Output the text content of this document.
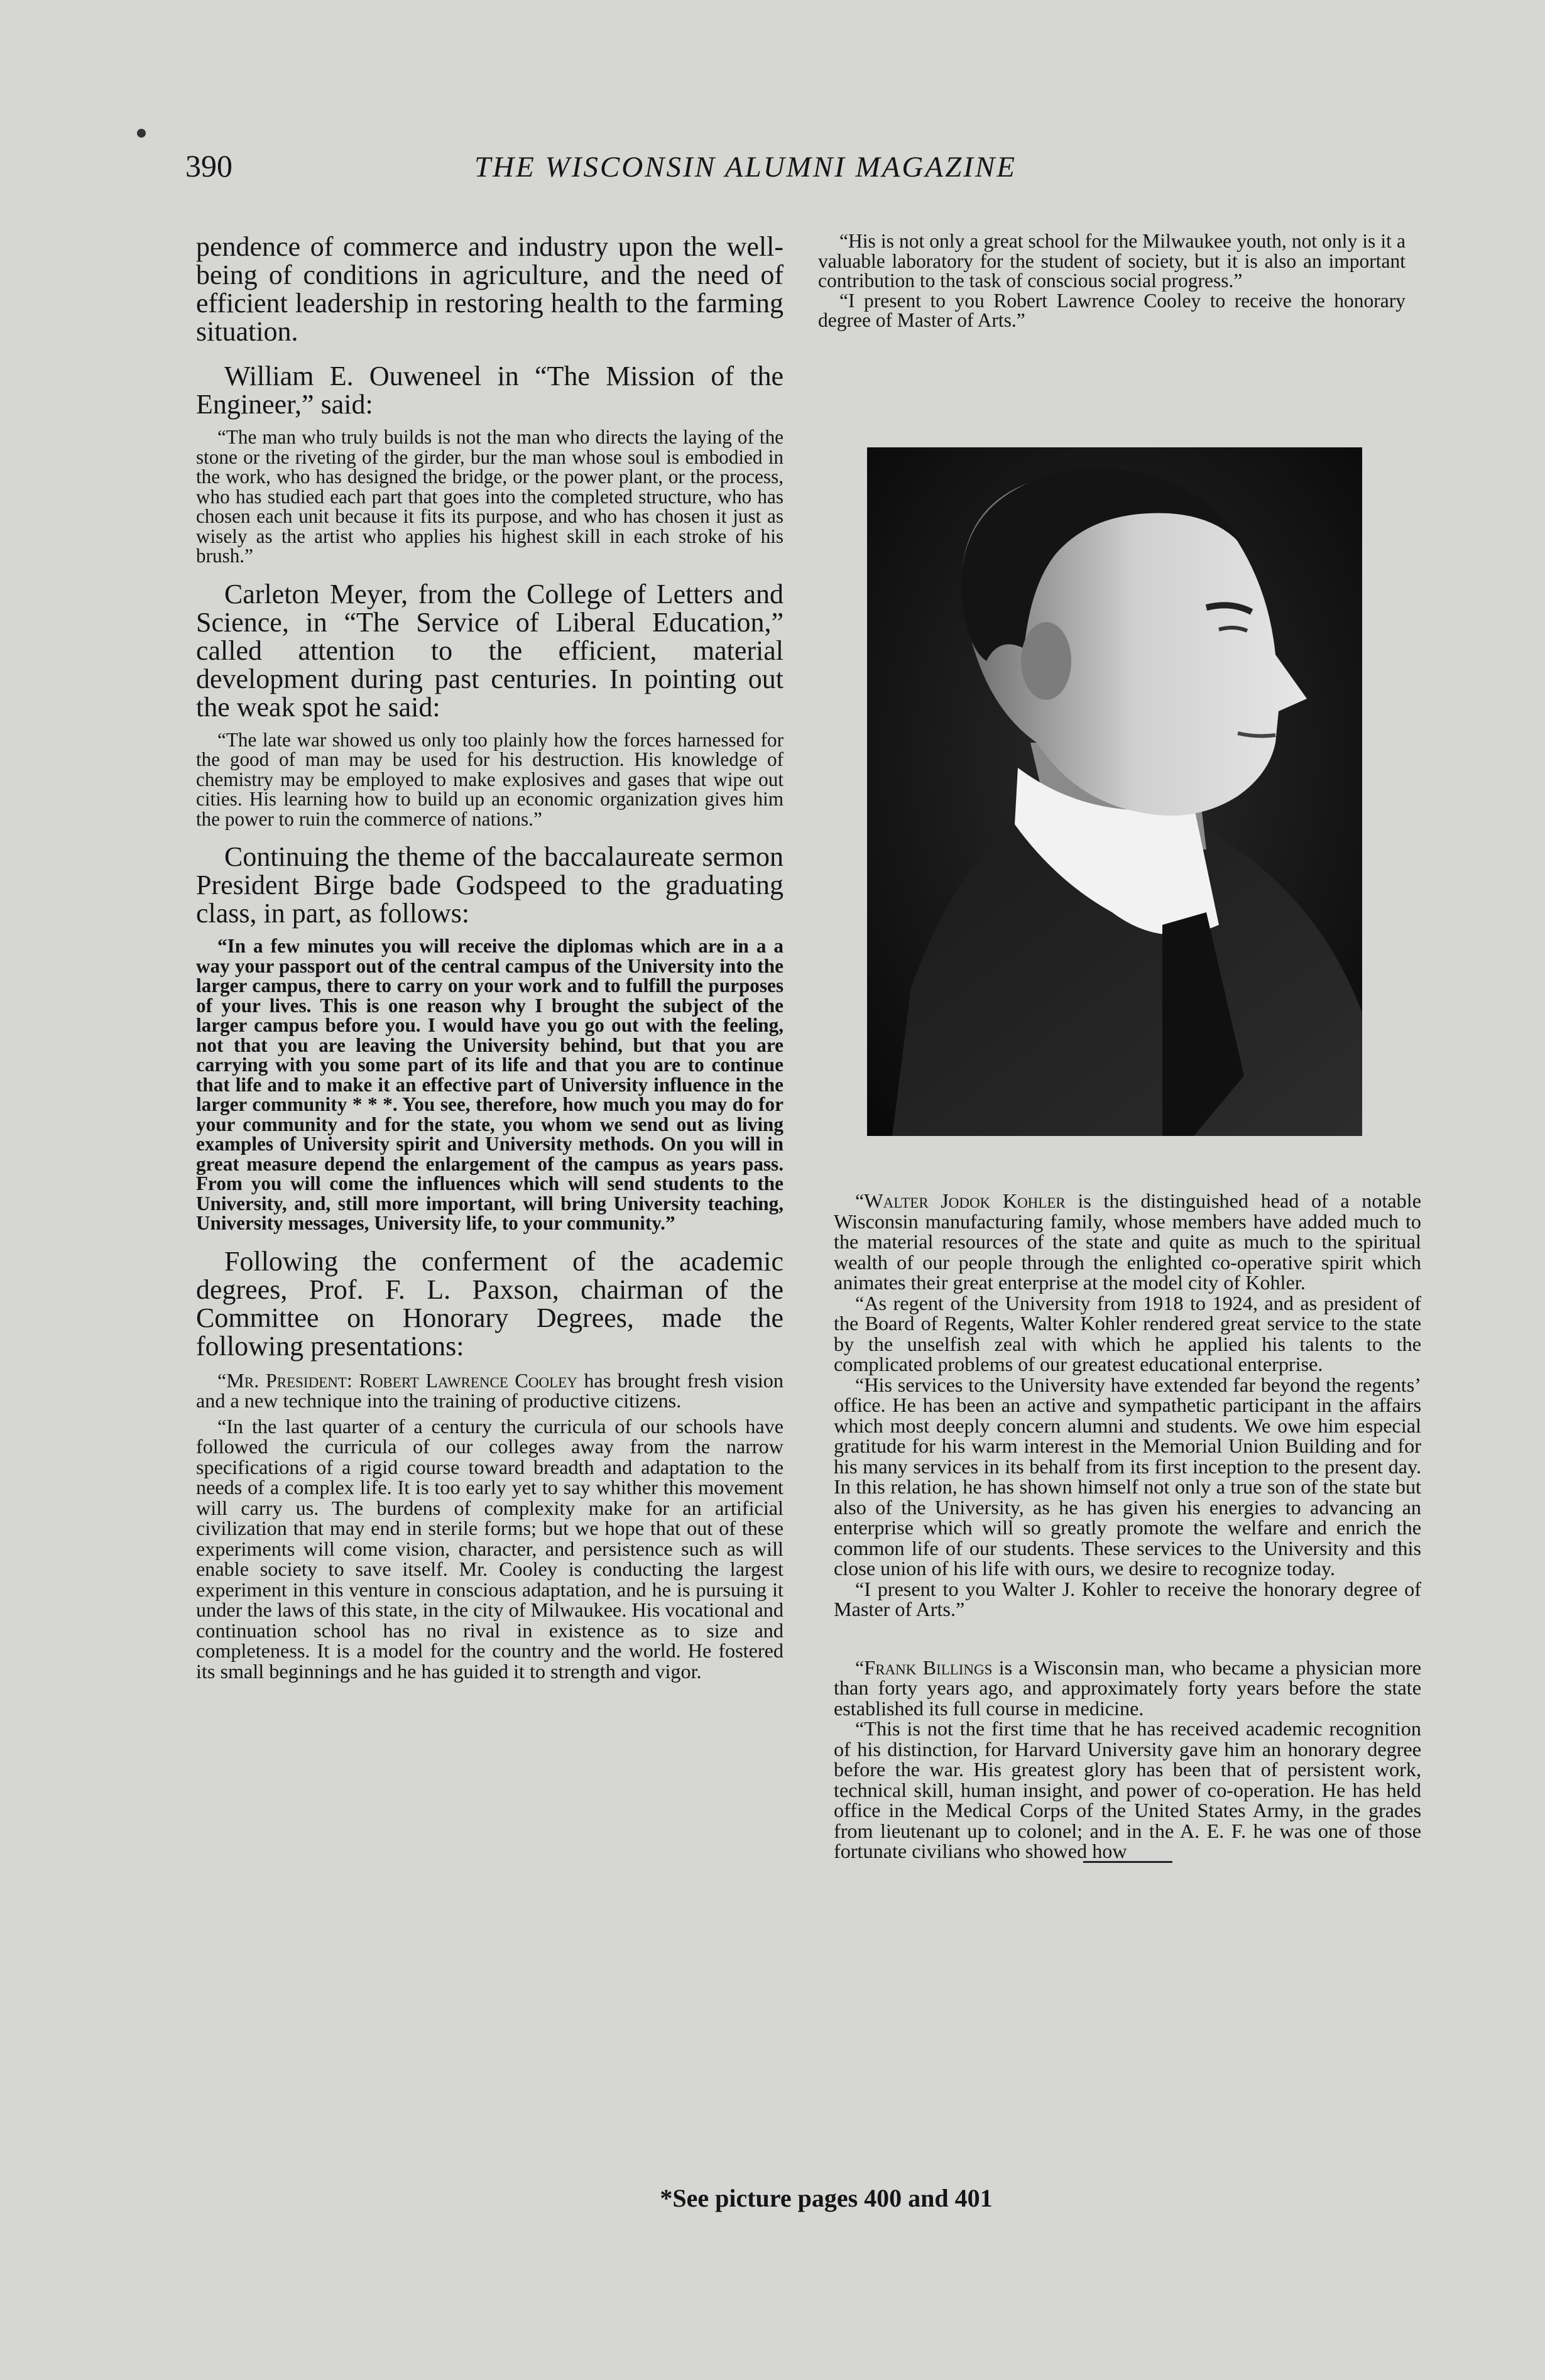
390	THE WISCONSIN ALUMNI MAGAZINE

pendence of commerce and industry upon the well-being of conditions in agriculture, and the need of efficient leadership in restoring health to the farming situation.

William E. Ouweneel in “The Mission of the Engineer,” said:

“The man who truly builds is not the man who directs the laying of the stone or the riveting of the girder, bur the man whose soul is embodied in the work, who has designed the bridge, or the power plant, or the process, who has studied each part that goes into the completed structure, who has chosen each unit because it fits its purpose, and who has chosen it just as wisely as the artist who applies his highest skill in each stroke of his brush.”

Carleton Meyer, from the College of Letters and Science, in “The Service of Liberal Education,” called attention to the efficient, material development during past centuries. In pointing out the weak spot he said:

“The late war showed us only too plainly how the forces harnessed for the good of man may be used for his destruction. His knowledge of chemistry may be employed to make explosives and gases that wipe out cities. His learning how to build up an economic organization gives him the power to ruin the commerce of nations.”

Continuing the theme of the baccalaureate sermon President Birge bade Godspeed to the graduating class, in part, as follows:

“In a few minutes you will receive the diplomas which are in a a way your passport out of the central campus of the University into the larger campus, there to carry on your work and to fulfill the purposes of your lives. This is one reason why I brought the subject of the larger campus before you. I would have you go out with the feeling, not that you are leaving the University behind, but that you are carrying with you some part of its life and that you are to continue that life and to make it an effective part of University influence in the larger community * * *. You see, therefore, how much you may do for your community and for the state, you whom we send out as living examples of University spirit and University methods. On you will in great measure depend the enlargement of the campus as years pass. From you will come the influences which will send students to the University, and, still more important, will bring University teaching, University messages, University life, to your community.”

Following the conferment of the academic degrees, Prof. F. L. Paxson, chairman of the Committee on Honorary Degrees, made the following presentations:

“Mr. President: Robert Lawrence Cooley has brought fresh vision and a new technique into the training of productive citizens.

“In the last quarter of a century the curricula of our schools have followed the curricula of our colleges away from the narrow specifications of a rigid course toward breadth and adaptation to the needs of a complex life. It is too early yet to say whither this movement will carry us. The burdens of complexity make for an artificial civilization that may end in sterile forms; but we hope that out of these experiments will come vision, character, and persistence such as will enable society to save itself. Mr. Cooley is conducting the largest experiment in this venture in conscious adaptation, and he is pursuing it under the laws of this state, in the city of Milwaukee. His vocational and continuation school has no rival in existence as to size and completeness. It is a model for the country and the world. He fostered its small beginnings and he has guided it to strength and vigor.

“His is not only a great school for the Milwaukee youth, not only is it a valuable laboratory for the student of society, but it is also an important contribution to the task of conscious social progress.”

“I present to you Robert Lawrence Cooley to receive the honorary degree of Master of Arts.”

“Walter Jodok Kohler is the distinguished head of a notable Wisconsin manufacturing family, whose members have added much to the material resources of the state and quite as much to the spiritual wealth of our people through the enlighted co-operative spirit which animates their great enterprise at the model city of Kohler.

“As regent of the University from 1918 to 1924, and as president of the Board of Regents, Walter Kohler rendered great service to the state by the unselfish zeal with which he applied his talents to the complicated problems of our greatest educational enterprise.

“His services to the University have extended far beyond the regents’ office. He has been an active and sympathetic participant in the affairs which most deeply concern alumni and students. We owe him especial gratitude for his warm interest in the Memorial Union Building and for his many services in its behalf from its first inception to the present day. In this relation, he has shown himself not only a true son of the state but also of the University, as he has given his energies to advancing an enterprise which will so greatly promote the welfare and enrich the common life of our students. These services to the University and this close union of his life with ours, we desire to recognize today.

“I present to you Walter J. Kohler to receive the honorary degree of Master of Arts.”

“Frank Billings is a Wisconsin man, who became a physician more than forty years ago, and approximately forty years before the state established its full course in medicine.

“This is not the first time that he has received academic recognition of his distinction, for Harvard University gave him an honorary degree before the war. His greatest glory has been that of persistent work, technical skill, human insight, and power of co-operation. He has held office in the Medical Corps of the United States Army, in the grades from lieutenant up to colonel; and in the A. E. F. he was one of those fortunate civilians who showed how

*See picture pages 400 and 401
